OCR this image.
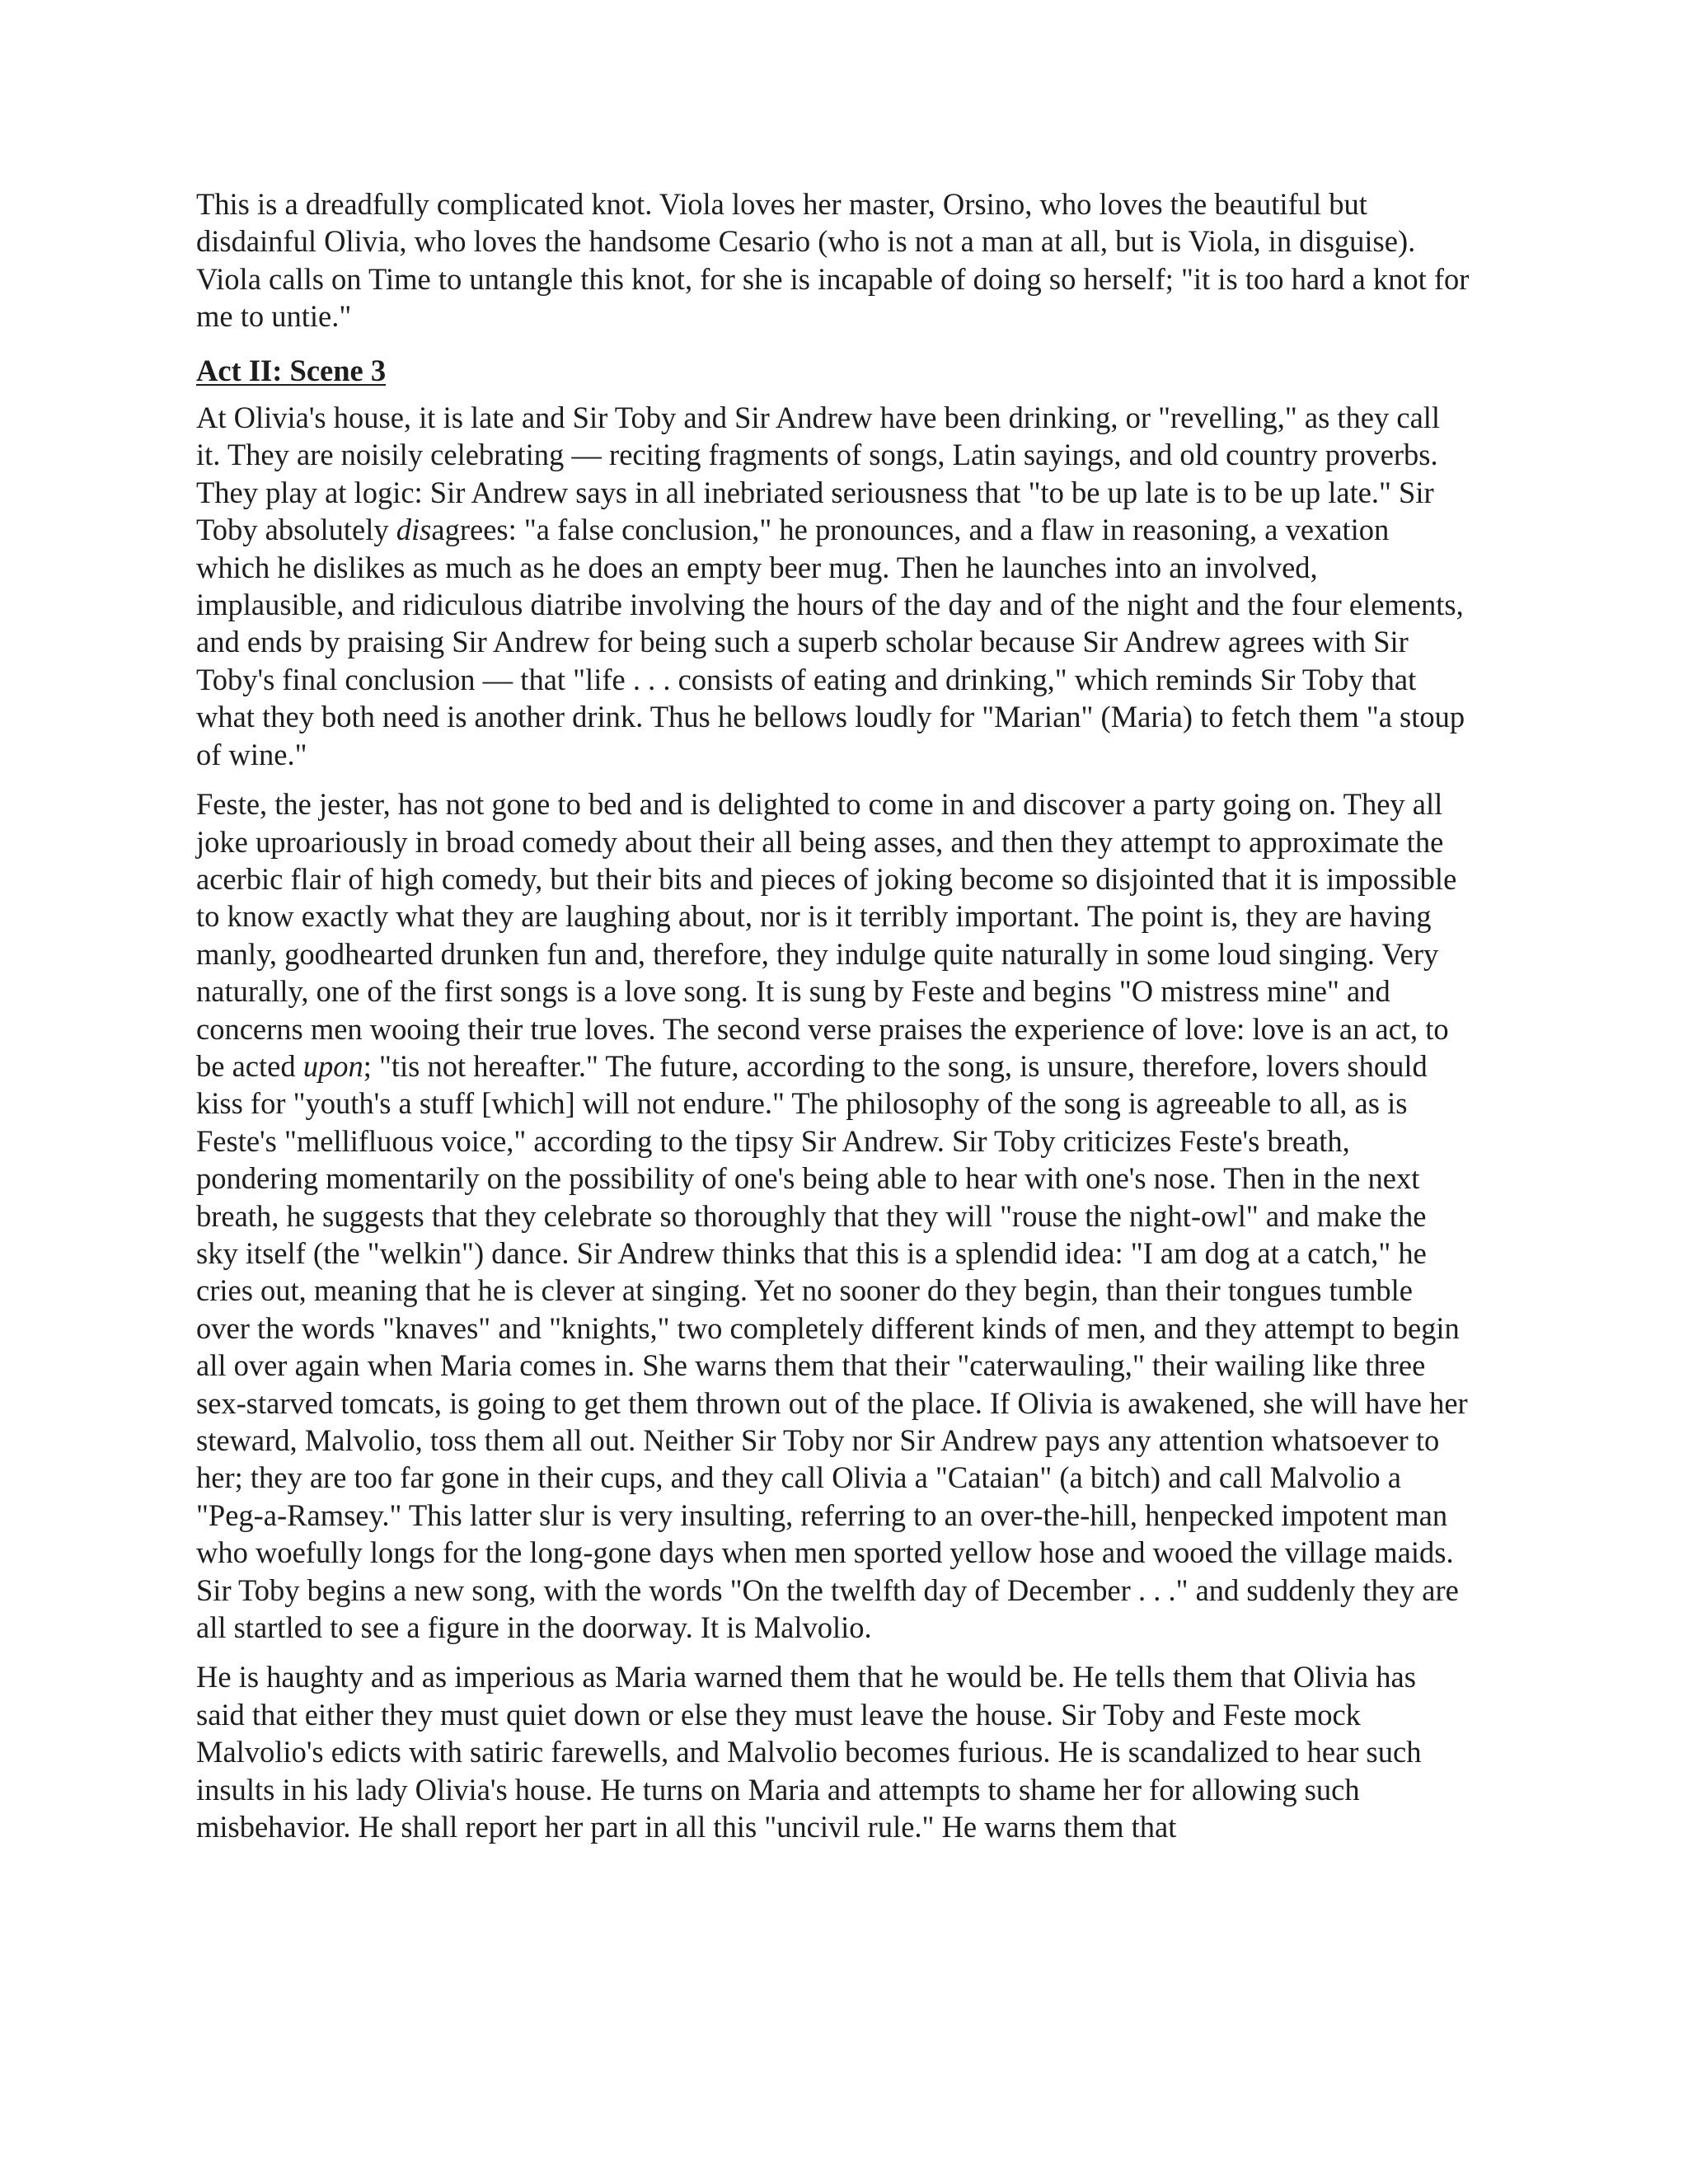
This is a dreadfully complicated knot. Viola loves her master, Orsino, who loves the beautiful but disdainful Olivia, who loves the handsome Cesario (who is not a man at all, but is Viola, in disguise). Viola calls on Time to untangle this knot, for she is incapable of doing so herself; "it is too hard a knot for me to untie."

Act II: Scene 3

At Olivia's house, it is late and Sir Toby and Sir Andrew have been drinking, or "revelling," as they call it. They are noisily celebrating — reciting fragments of songs, Latin sayings, and old country proverbs. They play at logic: Sir Andrew says in all inebriated seriousness that "to be up late is to be up late." Sir Toby absolutely disagrees: "a false conclusion," he pronounces, and a flaw in reasoning, a vexation which he dislikes as much as he does an empty beer mug. Then he launches into an involved, implausible, and ridiculous diatribe involving the hours of the day and of the night and the four elements, and ends by praising Sir Andrew for being such a superb scholar because Sir Andrew agrees with Sir Toby's final conclusion — that "life . . . consists of eating and drinking," which reminds Sir Toby that what they both need is another drink. Thus he bellows loudly for "Marian" (Maria) to fetch them "a stoup of wine."

Feste, the jester, has not gone to bed and is delighted to come in and discover a party going on. They all joke uproariously in broad comedy about their all being asses, and then they attempt to approximate the acerbic flair of high comedy, but their bits and pieces of joking become so disjointed that it is impossible to know exactly what they are laughing about, nor is it terribly important. The point is, they are having manly, goodhearted drunken fun and, therefore, they indulge quite naturally in some loud singing. Very naturally, one of the first songs is a love song. It is sung by Feste and begins "O mistress mine" and concerns men wooing their true loves. The second verse praises the experience of love: love is an act, to be acted upon; "tis not hereafter." The future, according to the song, is unsure, therefore, lovers should kiss for "youth's a stuff [which] will not endure." The philosophy of the song is agreeable to all, as is Feste's "mellifluous voice," according to the tipsy Sir Andrew. Sir Toby criticizes Feste's breath, pondering momentarily on the possibility of one's being able to hear with one's nose. Then in the next breath, he suggests that they celebrate so thoroughly that they will "rouse the night-owl" and make the sky itself (the "welkin") dance. Sir Andrew thinks that this is a splendid idea: "I am dog at a catch," he cries out, meaning that he is clever at singing. Yet no sooner do they begin, than their tongues tumble over the words "knaves" and "knights," two completely different kinds of men, and they attempt to begin all over again when Maria comes in. She warns them that their "caterwauling," their wailing like three sex-starved tomcats, is going to get them thrown out of the place. If Olivia is awakened, she will have her steward, Malvolio, toss them all out. Neither Sir Toby nor Sir Andrew pays any attention whatsoever to her; they are too far gone in their cups, and they call Olivia a "Cataian" (a bitch) and call Malvolio a "Peg-a-Ramsey." This latter slur is very insulting, referring to an over-the-hill, henpecked impotent man who woefully longs for the long-gone days when men sported yellow hose and wooed the village maids. Sir Toby begins a new song, with the words "On the twelfth day of December . . ." and suddenly they are all startled to see a figure in the doorway. It is Malvolio.

He is haughty and as imperious as Maria warned them that he would be. He tells them that Olivia has said that either they must quiet down or else they must leave the house. Sir Toby and Feste mock Malvolio's edicts with satiric farewells, and Malvolio becomes furious. He is scandalized to hear such insults in his lady Olivia's house. He turns on Maria and attempts to shame her for allowing such misbehavior. He shall report her part in all this "uncivil rule." He warns them that
